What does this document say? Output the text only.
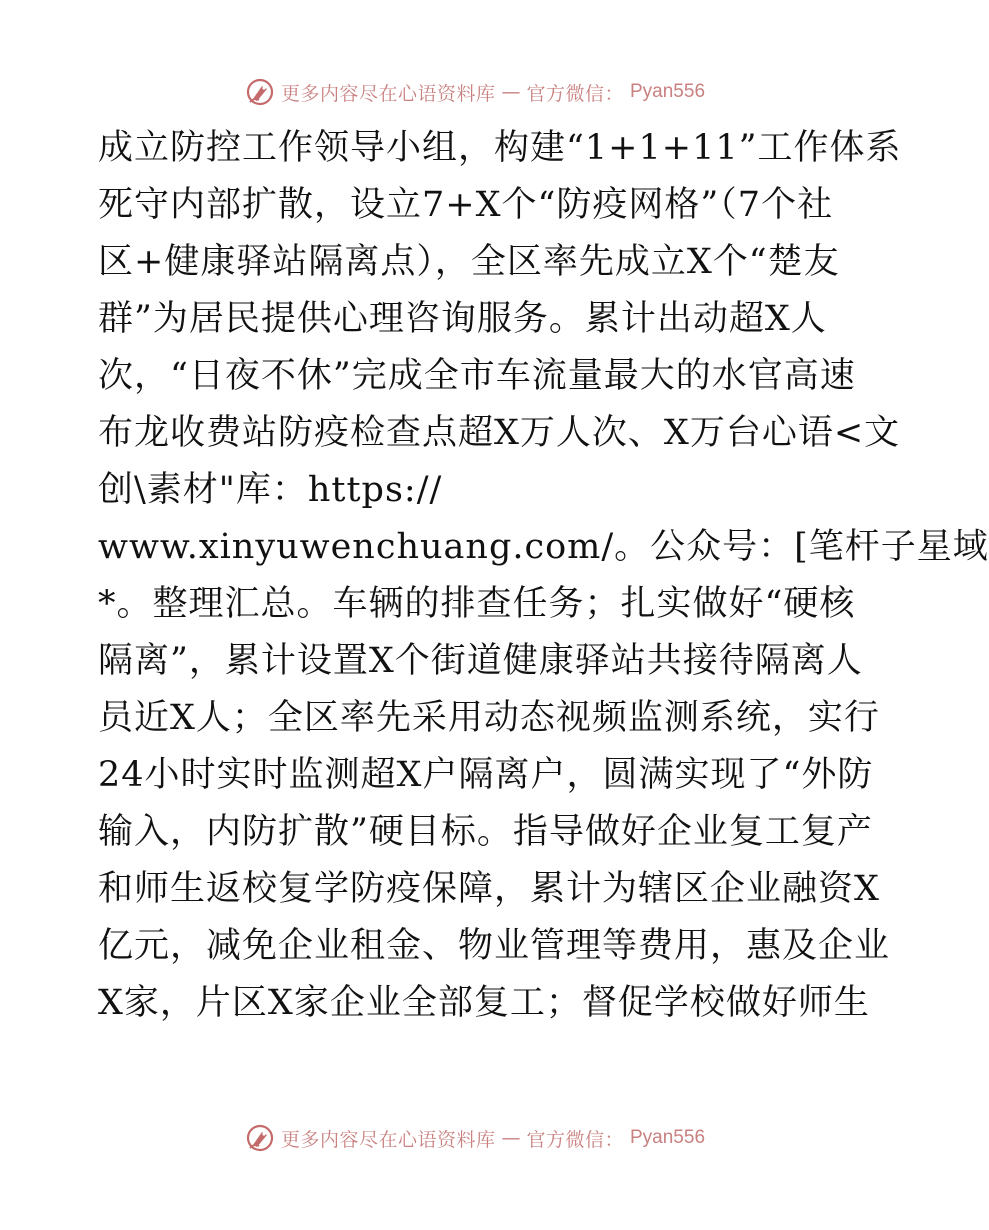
更多内容尽在心语资料库 — 官方微信： Pyan556
成立防控工作领导小组，构建“1+1+11”工作体系
死守内部扩散，设立7+X个“防疫网格”（7个社
区+健康驿站隔离点），全区率先成立X个“楚友
群”为居民提供心理咨询服务。累计出动超X人
次，“日夜不休”完成全市车流量最大的水官高速
布龙收费站防疫检查点超X万人次、X万台心语<文
创\素材"库：https://
www.xinyuwenchuang.com/。公众号：[笔杆子星域
*。整理汇总。车辆的排查任务；扎实做好“硬核
隔离”，累计设置X个街道健康驿站共接待隔离人
员近X人；全区率先采用动态视频监测系统，实行
24小时实时监测超X户隔离户，圆满实现了“外防
输入，内防扩散”硬目标。指导做好企业复工复产
和师生返校复学防疫保障，累计为辖区企业融资X
亿元，减免企业租金、物业管理等费用，惠及企业
X家，片区X家企业全部复工；督促学校做好师生
更多内容尽在心语资料库 — 官方微信： Pyan556
